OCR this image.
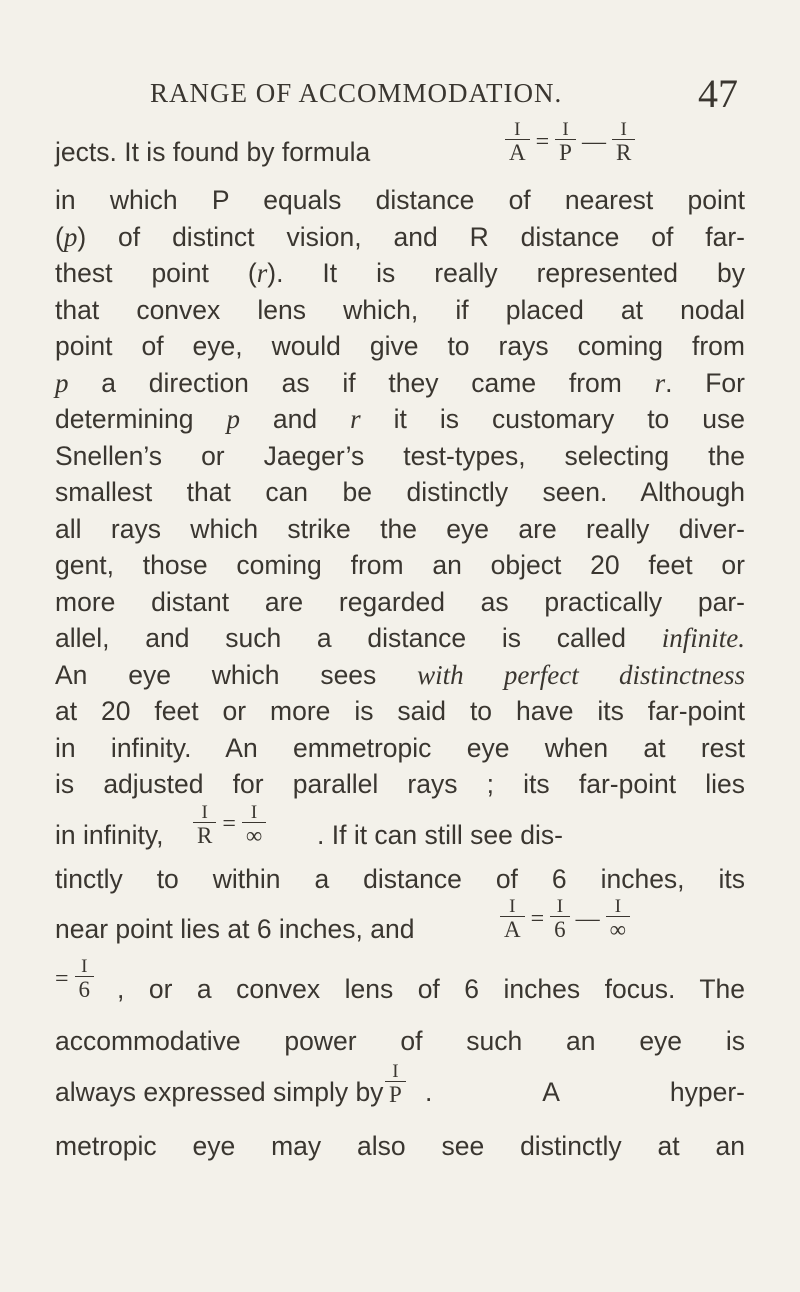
RANGE OF ACCOMMODATION.	47
jects. It is found by formula	$\frac{I}{A} = \frac{I}{P}$ — $\frac{I}{R}$
in which P equals distance of nearest point
(p) of distinct vision, and R distance of far-
thest point (r). It is really represented by
that convex lens which, if placed at nodal
point of eye, would give to rays coming from
p a direction as if they came from r. For
determining p and r it is customary to use
Snellen’s or Jaeger’s test-types, selecting the
smallest that can be distinctly seen. Although
all rays which strike the eye are really diver-
gent, those coming from an object 20 feet or
more distant are regarded as practically par-
allel, and such a distance is called infinite.
An eye which sees with perfect distinctness
at 20 feet or more is said to have its far-point
in infinity. An emmetropic eye when at rest
is adjusted for parallel rays ; its far-point lies
in infinity, $\frac{I}{R} = \frac{I}{\infty}$ . If it can still see dis-
tinctly to within a distance of 6 inches, its
near point lies at 6 inches, and	$\frac{I}{A} = \frac{I}{6}$ — $\frac{I}{\infty}$
= $\frac{I}{6}$ , or a convex lens of 6 inches focus. The
accommodative power of such an eye is
always expressed simply by $\frac{I}{P}$ . A hyper-
metropic eye may also see distinctly at an
